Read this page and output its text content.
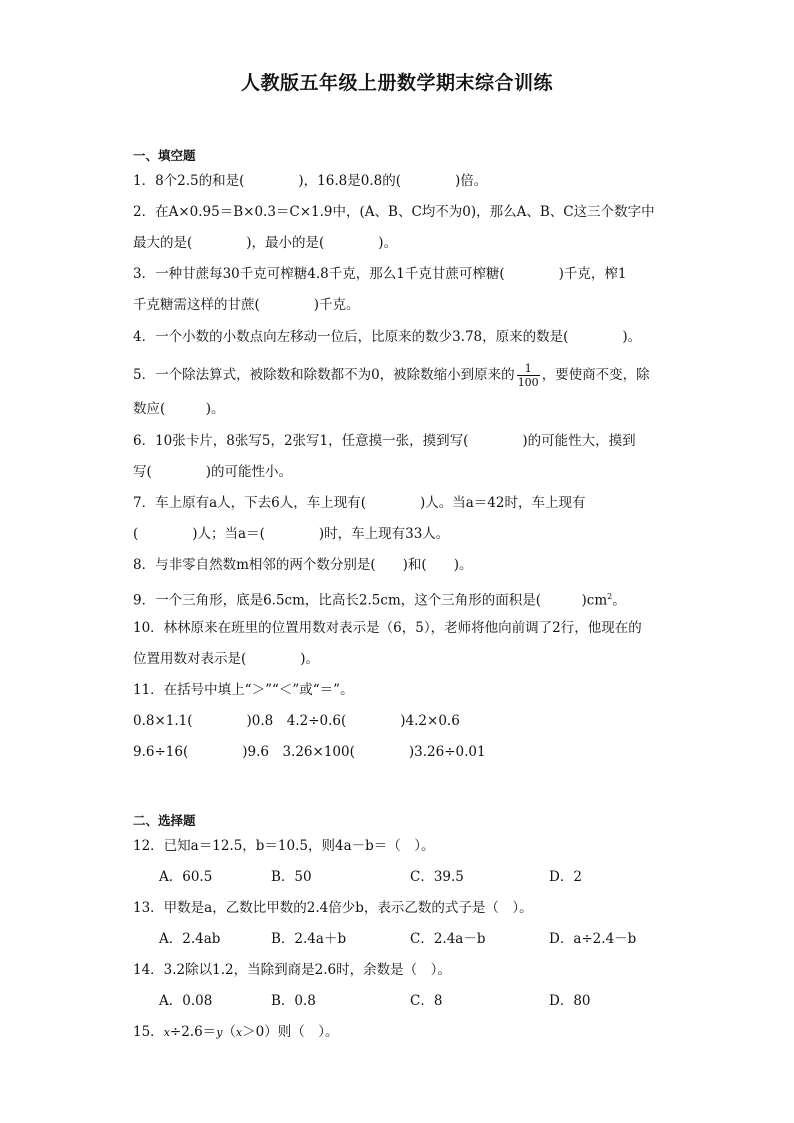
人教版五年级上册数学期末综合训练
一、填空题
1．8个2.5的和是(　　　　)，16.8是0.8的(　　　　)倍。
2．在A×0.95＝B×0.3＝C×1.9中，(A、B、C均不为0)，那么A、B、C这三个数字中
最大的是(　　　　)，最小的是(　　　　)。
3．一种甘蔗每30千克可榨糖4.8千克，那么1千克甘蔗可榨糖(　　　　)千克，榨1
千克糖需这样的甘蔗(　　　　)千克。
4．一个小数的小数点向左移动一位后，比原来的数少3.78，原来的数是(　　　　)。
5．一个除法算式，被除数和除数都不为0，被除数缩小到原来的 $\frac{1}{100}$ ，要使商不变，除
数应(　　　)。
6．10张卡片，8张写5，2张写1，任意摸一张，摸到写(　　　　)的可能性大，摸到
写(　　　　)的可能性小。
7．车上原有a人，下去6人，车上现有(　　　　)人。当a＝42时，车上现有
(　　　　)人；当a＝(　　　　)时，车上现有33人。
8．与非零自然数m相邻的两个数分别是(　　)和(　　)。
9．一个三角形，底是6.5cm，比高长2.5cm，这个三角形的面积是(　　　)$cm^2$。
10．林林原来在班里的位置用数对表示是（6，5），老师将他向前调了2行，他现在的
位置用数对表示是(　　　　)。
11．在括号中填上“＞”“＜”或“＝”。
0.8×1.1(　　　　)0.8　4.2÷0.6(　　　　)4.2×0.6
9.6÷16(　　　　)9.6　3.26×100(　　　　)3.26÷0.01
二、选择题
12．已知a＝12.5，b＝10.5，则4a－b＝（　）。
A．60.5	B．50	C．39.5	D．2
13．甲数是a，乙数比甲数的2.4倍少b，表示乙数的式子是（　）。
A．2.4ab	B．2.4a＋b	C．2.4a－b	D．a÷2.4－b
14．3.2除以1.2，当除到商是2.6时，余数是（　）。
A．0.08	B．0.8	C．8	D．80
15．x÷2.6＝y（x＞0）则（　）。
